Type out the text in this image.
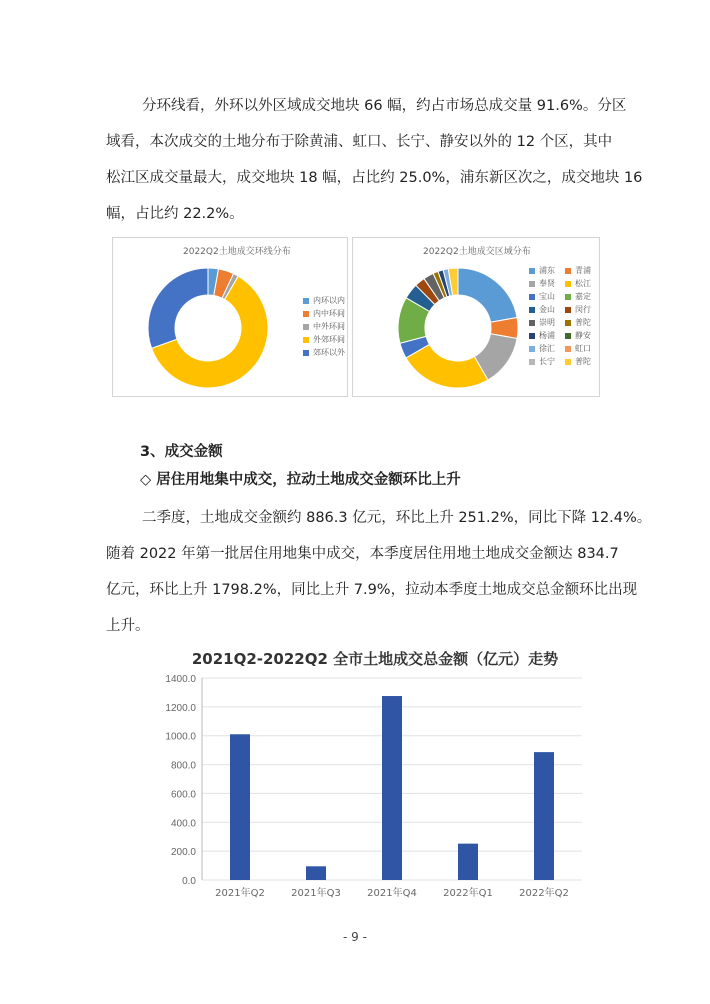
分环线看，外环以外区域成交地块 66 幅，约占市场总成交量 91.6%。分区
域看，本次成交的土地分布于除黄浦、虹口、长宁、静安以外的 12 个区，其中
松江区成交量最大，成交地块 18 幅，占比约 25.0%，浦东新区次之，成交地块 16
幅，占比约 22.2%。
2022Q2土地成交环线分布
内环以内
内中环间
中外环间
外郊环间
郊环以外
2022Q2土地成交区域分布
浦东	青浦
奉贤	松江
宝山	嘉定
金山	闵行
崇明	普陀
杨浦	静安
徐汇	虹口
长宁	普陀
3、成交金额
◇ 居住用地集中成交，拉动土地成交金额环比上升
二季度，土地成交金额约 886.3 亿元，环比上升 251.2%，同比下降 12.4%。
随着 2022 年第一批居住用地集中成交，本季度居住用地土地成交金额达 834.7
亿元，环比上升 1798.2%，同比上升 7.9%，拉动本季度土地成交总金额环比出现
上升。
2021Q2-2022Q2 全市土地成交总金额（亿元）走势
0.0
200.0
400.0
600.0
800.0
1000.0
1200.0
1400.0
2021年Q2	2021年Q3	2021年Q4	2022年Q1	2022年Q2
- 9 -
